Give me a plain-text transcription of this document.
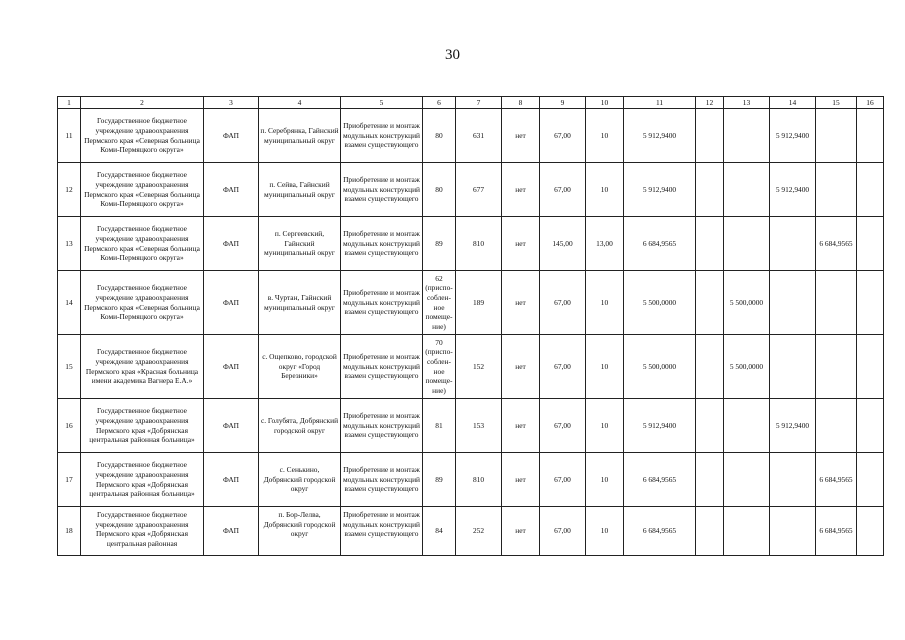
30
1	2	3	4	5	6	7	8	9	10	11	12	13	14	15	16
11	Государственное бюджетное учреждение здравоохранения Пермского края «Северная больница Коми-Пермяцкого округа»	ФАП	п. Серебрянка, Гайнский муниципальный округ	Приобретение и монтаж модульных конструкций взамен существующего	80	631	нет	67,00	10	5 912,9400			5 912,9400		
12	Государственное бюджетное учреждение здравоохранения Пермского края «Северная больница Коми-Пермяцкого округа»	ФАП	п. Сейва, Гайнский муниципальный округ	Приобретение и монтаж модульных конструкций взамен существующего	80	677	нет	67,00	10	5 912,9400			5 912,9400		
13	Государственное бюджетное учреждение здравоохранения Пермского края «Северная больница Коми-Пермяцкого округа»	ФАП	п. Сергеевский, Гайнский муниципальный округ	Приобретение и монтаж модульных конструкций взамен существующего	89	810	нет	145,00	13,00	6 684,9565				6 684,9565	
14	Государственное бюджетное учреждение здравоохранения Пермского края «Северная больница Коми-Пермяцкого округа»	ФАП	в. Чуртан, Гайнский муниципальный округ	Приобретение и монтаж модульных конструкций взамен существующего	62 (приспо-соблен-ное помеще-ние)	189	нет	67,00	10	5 500,0000		5 500,0000			
15	Государственное бюджетное учреждение здравоохранения Пермского края «Красная больница имени академика Вагнера Е.А.»	ФАП	с. Ощепково, городской округ «Город Березники»	Приобретение и монтаж модульных конструкций взамен существующего	70 (приспо-соблен-ное помеще-ние)	152	нет	67,00	10	5 500,0000		5 500,0000			
16	Государственное бюджетное учреждение здравоохранения Пермского края «Добрянская центральная районная больница»	ФАП	с. Голубята, Добрянский городской округ	Приобретение и монтаж модульных конструкций взамен существующего	81	153	нет	67,00	10	5 912,9400			5 912,9400		
17	Государственное бюджетное учреждение здравоохранения Пермского края «Добрянская центральная районная больница»	ФАП	с. Сенькино, Добрянский городской округ	Приобретение и монтаж модульных конструкций взамен существующего	89	810	нет	67,00	10	6 684,9565				6 684,9565	
18	Государственное бюджетное учреждение здравоохранения Пермского края «Добрянская центральная районная	ФАП	п. Бор-Лелва, Добрянский городской округ	Приобретение и монтаж модульных конструкций взамен существующего	84	252	нет	67,00	10	6 684,9565				6 684,9565	
